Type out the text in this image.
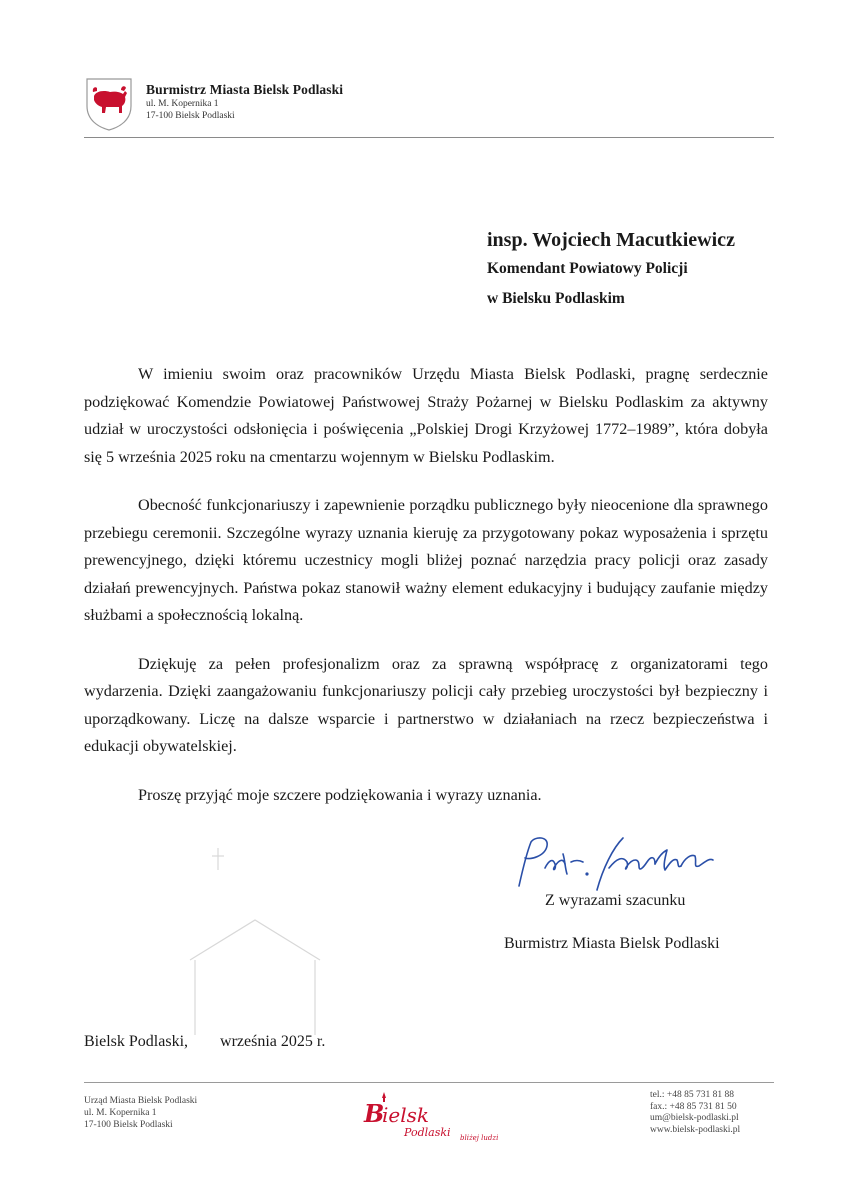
Burmistrz Miasta Bielsk Podlaski
ul. M. Kopernika 1
17-100 Bielsk Podlaski
insp. Wojciech Macutkiewicz
Komendant Powiatowy Policji
w Bielsku Podlaskim

W imieniu swoim oraz pracowników Urzędu Miasta Bielsk Podlaski, pragnę serdecznie podziękować Komendzie Powiatowej Państwowej Straży Pożarnej w Bielsku Podlaskim za aktywny udział w uroczystości odsłonięcia i poświęcenia „Polskiej Drogi Krzyżowej 1772–1989”, która dobyła się 5 września 2025 roku na cmentarzu wojennym w Bielsku Podlaskim.

Obecność funkcjonariuszy i zapewnienie porządku publicznego były nieocenione dla sprawnego przebiegu ceremonii. Szczególne wyrazy uznania kieruję za przygotowany pokaz wyposażenia i sprzętu prewencyjnego, dzięki któremu uczestnicy mogli bliżej poznać narzędzia pracy policji oraz zasady działań prewencyjnych. Państwa pokaz stanowił ważny element edukacyjny i budujący zaufanie między służbami a społecznością lokalną.

Dziękuję za pełen profesjonalizm oraz za sprawną współpracę z organizatorami tego wydarzenia. Dzięki zaangażowaniu funkcjonariuszy policji cały przebieg uroczystości był bezpieczny i uporządkowany. Liczę na dalsze wsparcie i partnerstwo w działaniach na rzecz bezpieczeństwa i edukacji obywatelskiej.

Proszę przyjąć moje szczere podziękowania i wyrazy uznania.

Z wyrazami szacunku
Burmistrz Miasta Bielsk Podlaski
Bielsk Podlaski, września 2025 r.
Urząd Miasta Bielsk Podlaski
ul. M. Kopernika 1
17-100 Bielsk Podlaski	B
ielsk
Podlaski bliżej ludzi
tel.: +48 85 731 81 88
fax.: +48 85 731 81 50
um@bielsk-podlaski.pl
www.bielsk-podlaski.pl
